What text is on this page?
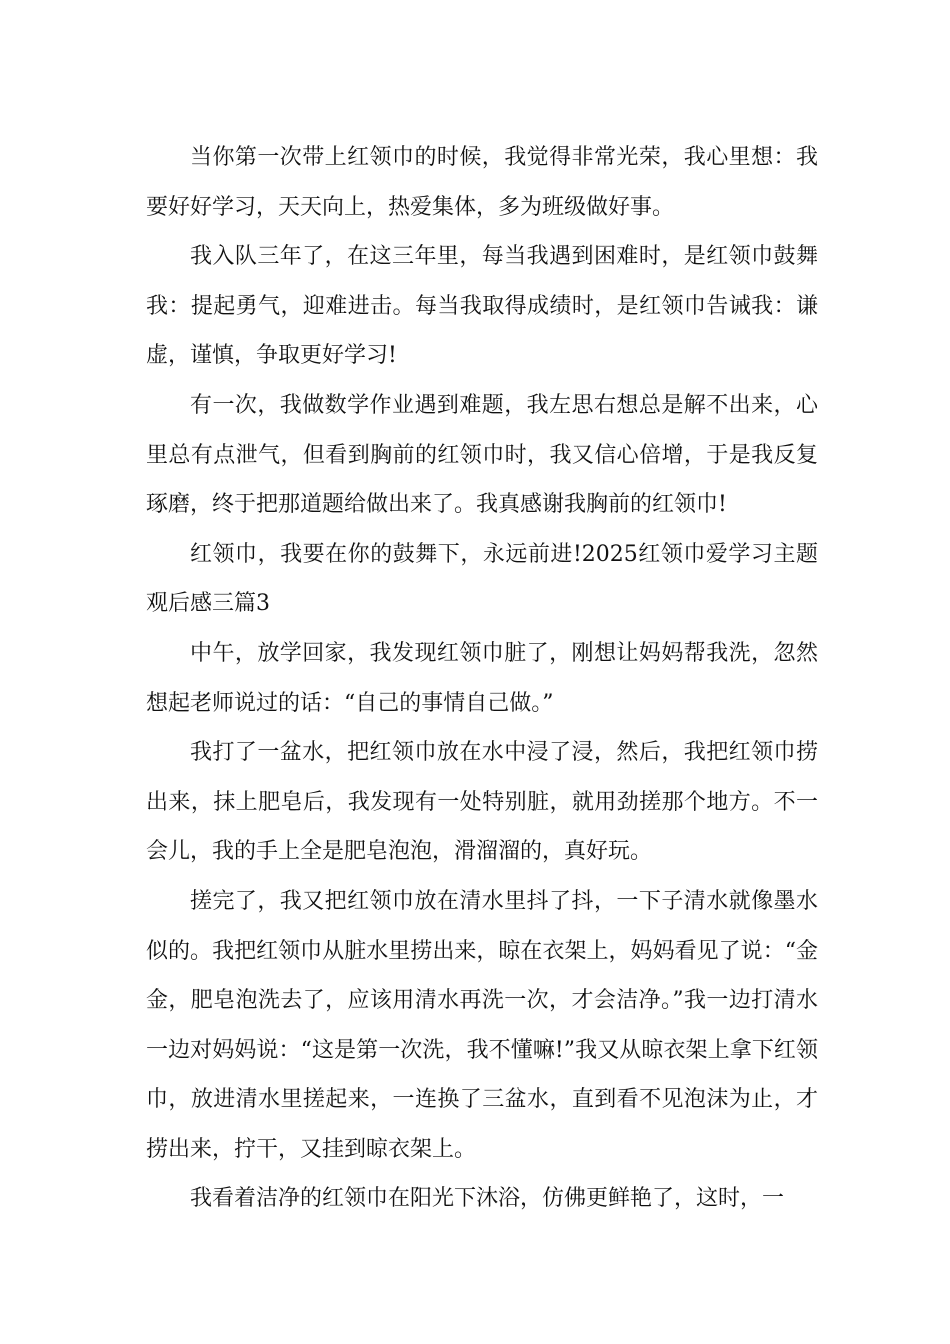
当你第一次带上红领巾的时候，我觉得非常光荣，我心里想：我要好好学习，天天向上，热爱集体，多为班级做好事。

我入队三年了，在这三年里，每当我遇到困难时，是红领巾鼓舞我：提起勇气，迎难进击。每当我取得成绩时，是红领巾告诫我：谦虚，谨慎，争取更好学习!

有一次，我做数学作业遇到难题，我左思右想总是解不出来，心里总有点泄气，但看到胸前的红领巾时，我又信心倍增，于是我反复琢磨，终于把那道题给做出来了。我真感谢我胸前的红领巾!

红领巾，我要在你的鼓舞下，永远前进!2025红领巾爱学习主题观后感三篇3

中午，放学回家，我发现红领巾脏了，刚想让妈妈帮我洗，忽然想起老师说过的话：“自己的事情自己做。”

我打了一盆水，把红领巾放在水中浸了浸，然后，我把红领巾捞出来，抹上肥皂后，我发现有一处特别脏，就用劲搓那个地方。不一会儿，我的手上全是肥皂泡泡，滑溜溜的，真好玩。

搓完了，我又把红领巾放在清水里抖了抖，一下子清水就像墨水似的。我把红领巾从脏水里捞出来，晾在衣架上，妈妈看见了说：“金金，肥皂泡洗去了，应该用清水再洗一次，才会洁净。”我一边打清水一边对妈妈说：“这是第一次洗，我不懂嘛!”我又从晾衣架上拿下红领巾，放进清水里搓起来，一连换了三盆水，直到看不见泡沫为止，才捞出来，拧干，又挂到晾衣架上。

我看着洁净的红领巾在阳光下沐浴，仿佛更鲜艳了，这时，一
